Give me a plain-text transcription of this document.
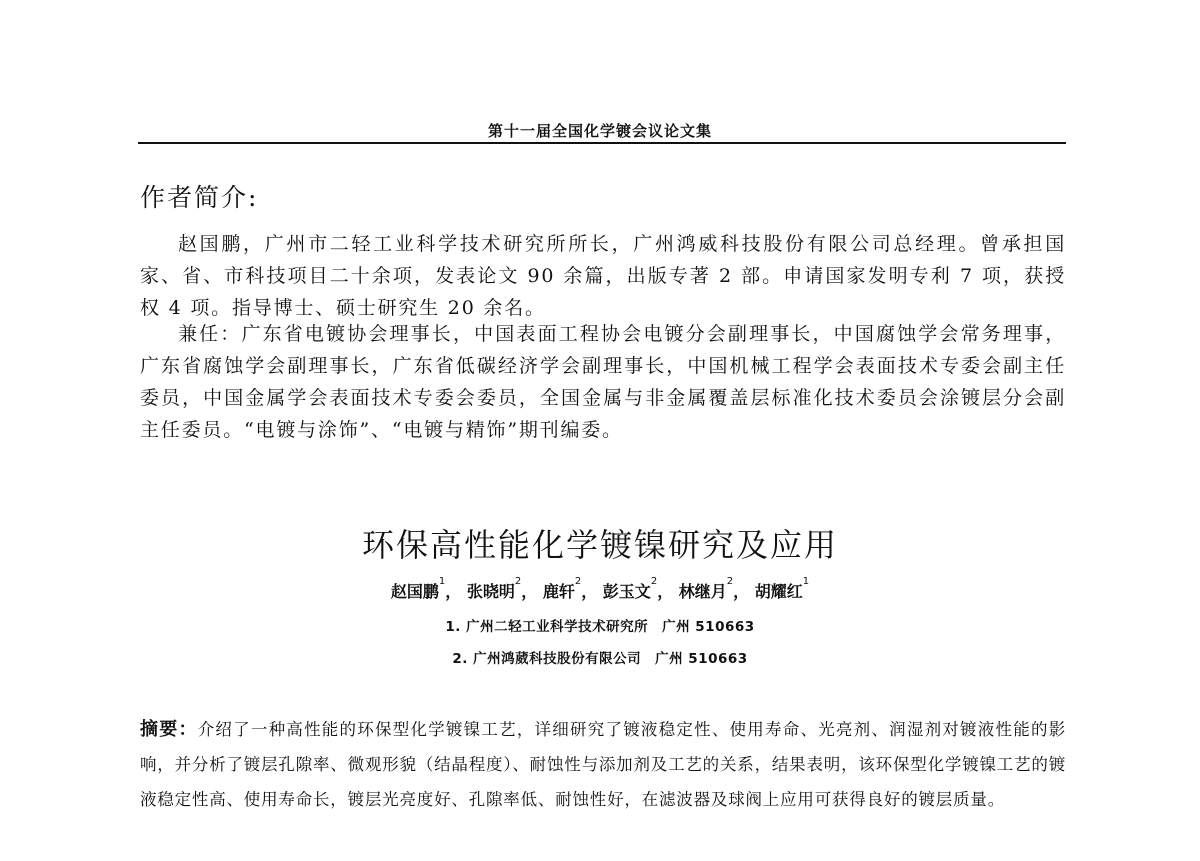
第十一届全国化学镀会议论文集
作者简介:

赵国鹏，广州市二轻工业科学技术研究所所长，广州鸿威科技股份有限公司总经理。曾承担国家、省、市科技项目二十余项，发表论文 90 余篇，出版专著 2 部。申请国家发明专利 7 项，获授权 4 项。指导博士、硕士研究生 20 余名。

兼任：广东省电镀协会理事长，中国表面工程协会电镀分会副理事长，中国腐蚀学会常务理事，广东省腐蚀学会副理事长，广东省低碳经济学会副理事长，中国机械工程学会表面技术专委会副主任委员，中国金属学会表面技术专委会委员，全国金属与非金属覆盖层标准化技术委员会涂镀层分会副主任委员。“电镀与涂饰”、“电镀与精饰”期刊编委。

环保高性能化学镀镍研究及应用
赵国鹏$^1$， 张晓明$^2$， 鹿轩$^2$， 彭玉文$^2$， 林继月$^2$， 胡耀红$^1$
1. 广州二轻工业科学技术研究所　广州 510663
2. 广州鸿葳科技股份有限公司　广州 510663

摘要：介绍了一种高性能的环保型化学镀镍工艺，详细研究了镀液稳定性、使用寿命、光亮剂、润湿剂对镀液性能的影响，并分析了镀层孔隙率、微观形貌（结晶程度）、耐蚀性与添加剂及工艺的关系，结果表明，该环保型化学镀镍工艺的镀液稳定性高、使用寿命长，镀层光亮度好、孔隙率低、耐蚀性好，在滤波器及球阀上应用可获得良好的镀层质量。
